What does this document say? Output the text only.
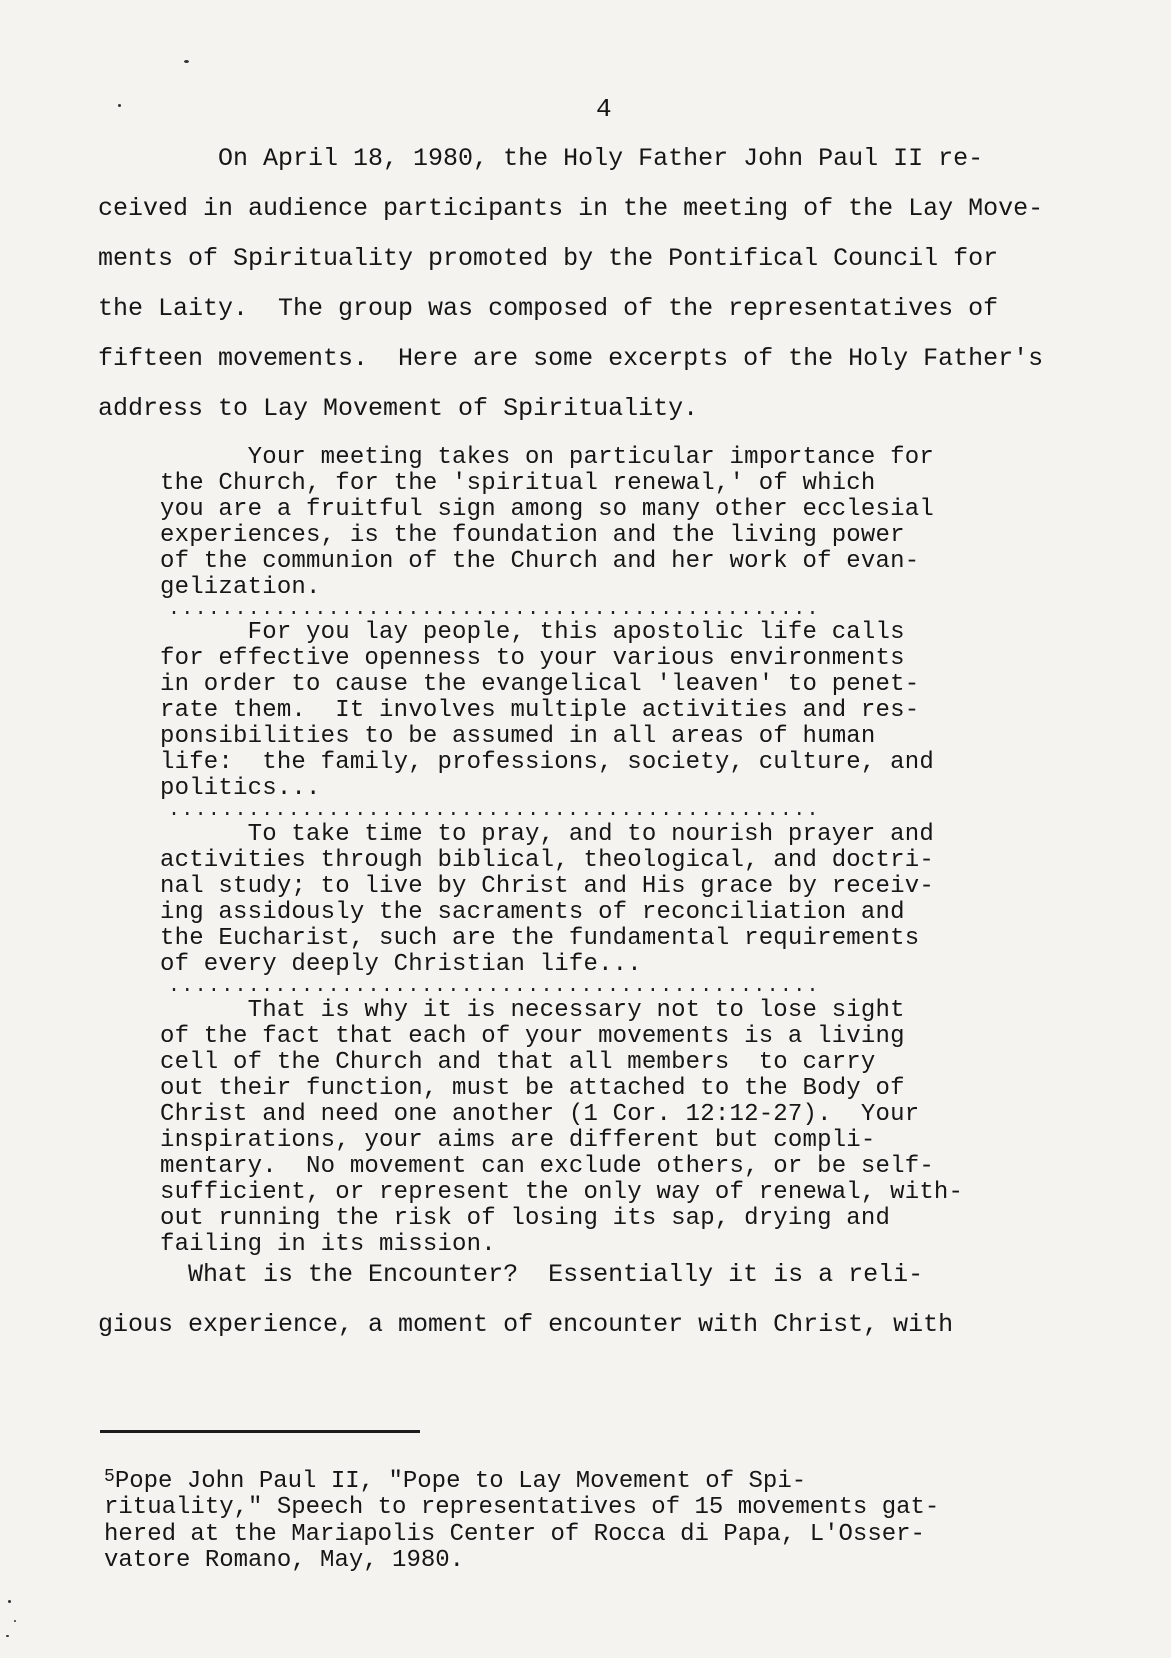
4
On April 18, 1980, the Holy Father John Paul II re-
ceived in audience participants in the meeting of the Lay Move-
ments of Spirituality promoted by the Pontifical Council for
the Laity.  The group was composed of the representatives of
fifteen movements.  Here are some excerpts of the Holy Father's
address to Lay Movement of Spirituality.
Your meeting takes on particular importance for
the Church, for the 'spiritual renewal,' of which
you are a fruitful sign among so many other ecclesial
experiences, is the foundation and the living power
of the communion of the Church and her work of evan-
gelization.
.................................................
For you lay people, this apostolic life calls
for effective openness to your various environments
in order to cause the evangelical 'leaven' to penet-
rate them.  It involves multiple activities and res-
ponsibilities to be assumed in all areas of human
life:  the family, professions, society, culture, and
politics...
.................................................
To take time to pray, and to nourish prayer and
activities through biblical, theological, and doctri-
nal study; to live by Christ and His grace by receiv-
ing assidously the sacraments of reconciliation and
the Eucharist, such are the fundamental requirements
of every deeply Christian life...
.................................................
That is why it is necessary not to lose sight
of the fact that each of your movements is a living
cell of the Church and that all members  to carry
out their function, must be attached to the Body of
Christ and need one another (1 Cor. 12:12-27).  Your
inspirations, your aims are different but compli-
mentary.  No movement can exclude others, or be self-
sufficient, or represent the only way of renewal, with-
out running the risk of losing its sap, drying and
failing in its mission.
What is the Encounter?  Essentially it is a reli-
gious experience, a moment of encounter with Christ, with
$^5$Pope John Paul II, "Pope to Lay Movement of Spi-
rituality," Speech to representatives of 15 movements gat-
hered at the Mariapolis Center of Rocca di Papa, L'Osser-
vatore Romano, May, 1980.
